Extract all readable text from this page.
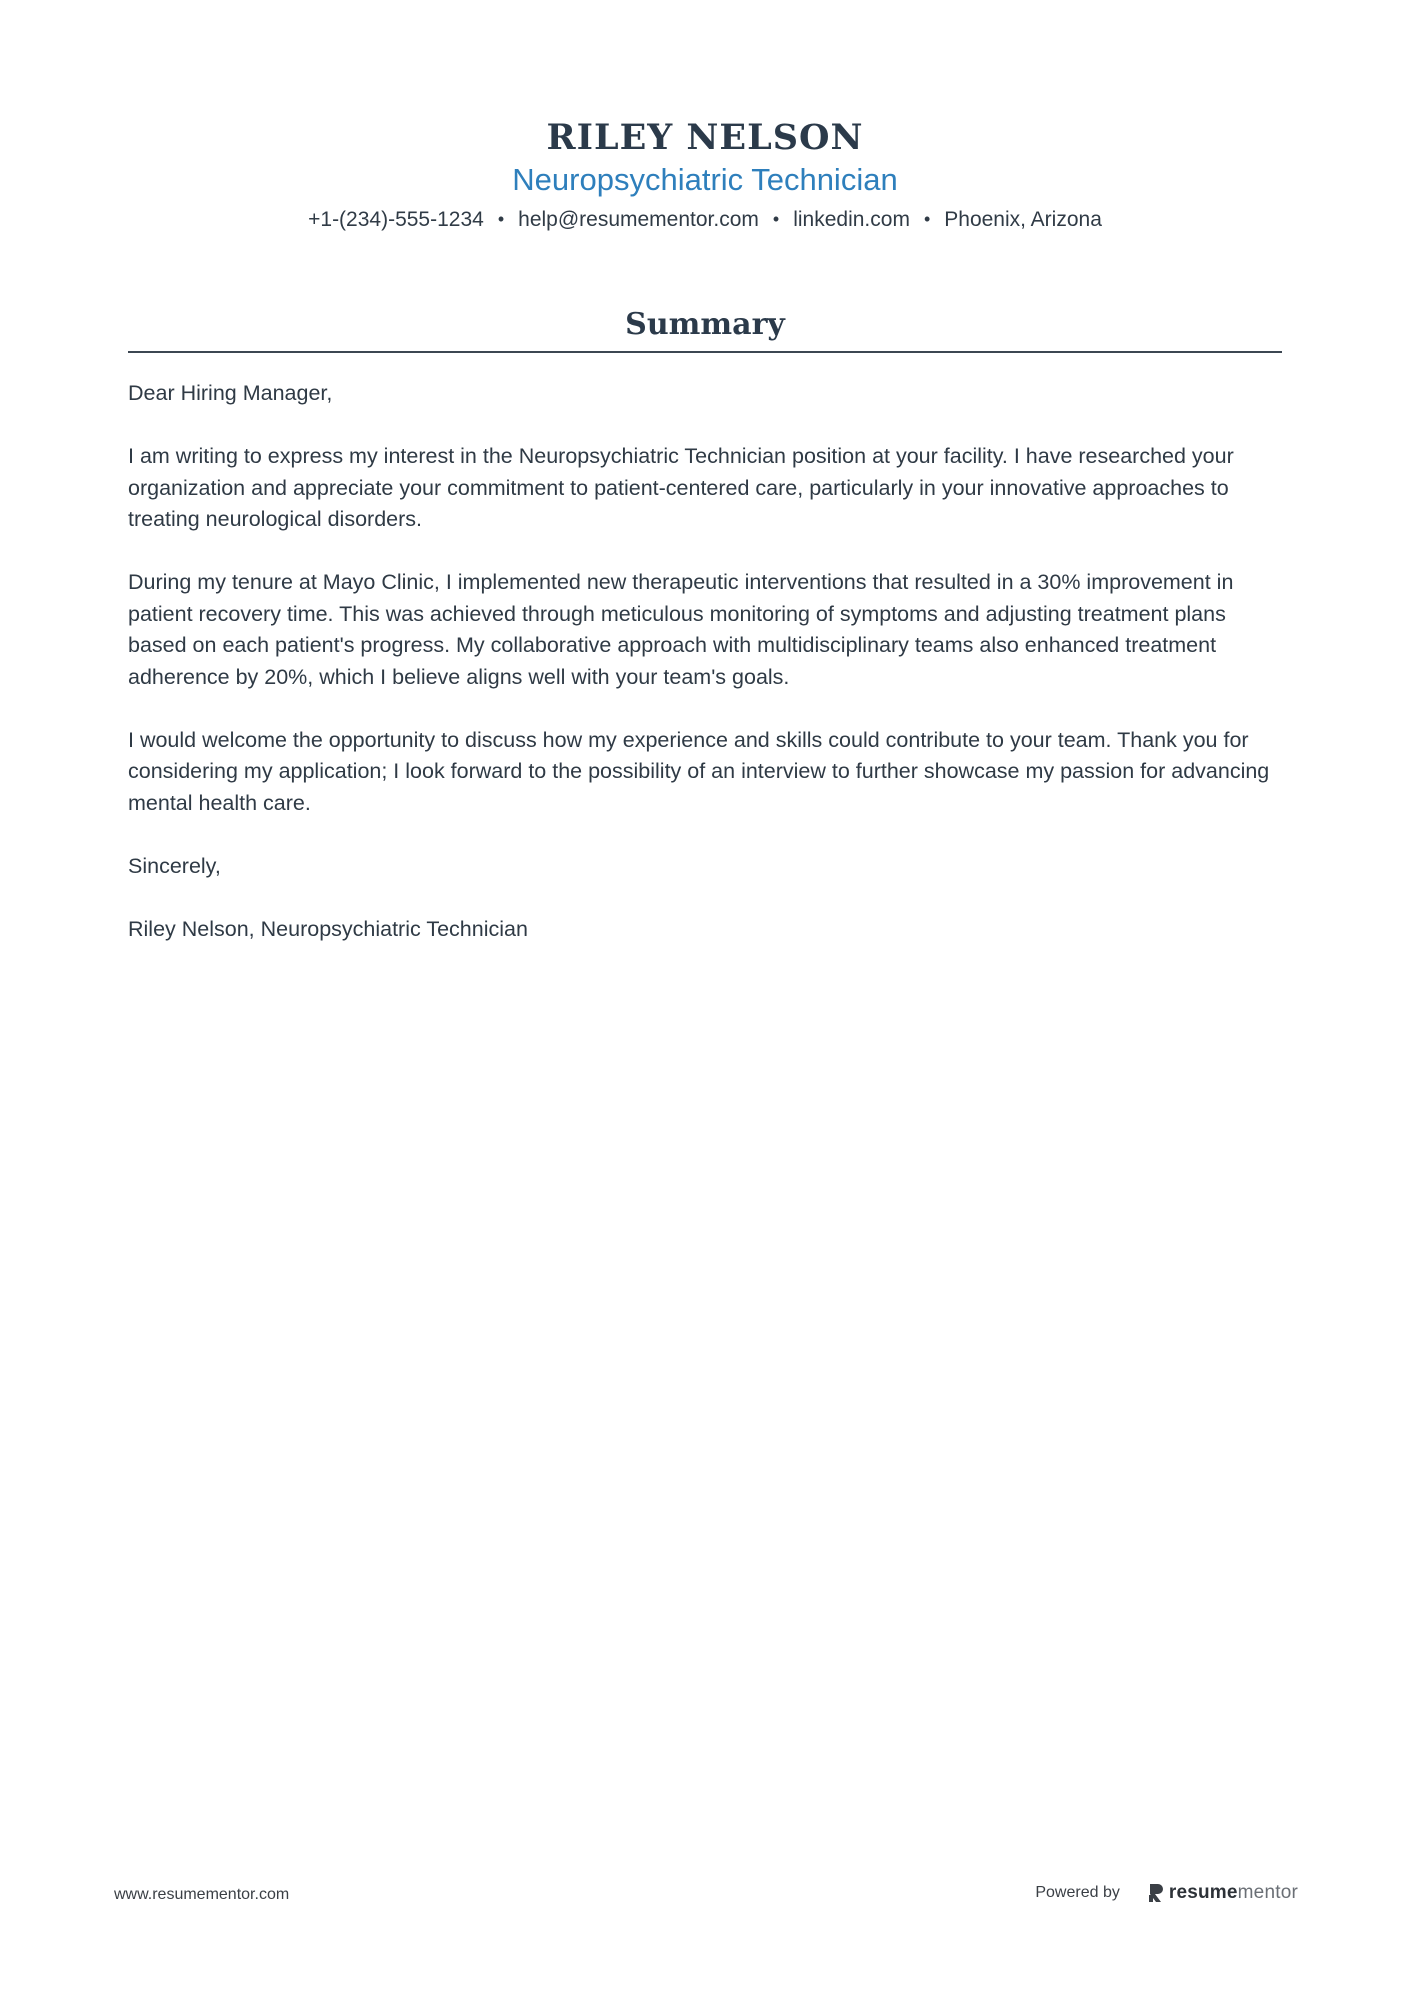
RILEY NELSON
Neuropsychiatric Technician
+1-(234)-555-1234 • help@resumementor.com • linkedin.com • Phoenix, Arizona
Summary

Dear Hiring Manager,

I am writing to express my interest in the Neuropsychiatric Technician position at your facility. I have researched your organization and appreciate your commitment to patient-centered care, particularly in your innovative approaches to treating neurological disorders.

During my tenure at Mayo Clinic, I implemented new therapeutic interventions that resulted in a 30% improvement in patient recovery time. This was achieved through meticulous monitoring of symptoms and adjusting treatment plans based on each patient's progress. My collaborative approach with multidisciplinary teams also enhanced treatment adherence by 20%, which I believe aligns well with your team's goals.

I would welcome the opportunity to discuss how my experience and skills could contribute to your team. Thank you for considering my application; I look forward to the possibility of an interview to further showcase my passion for advancing mental health care.

Sincerely,

Riley Nelson, Neuropsychiatric Technician

www.resumementor.com	Powered by	resume mentor
